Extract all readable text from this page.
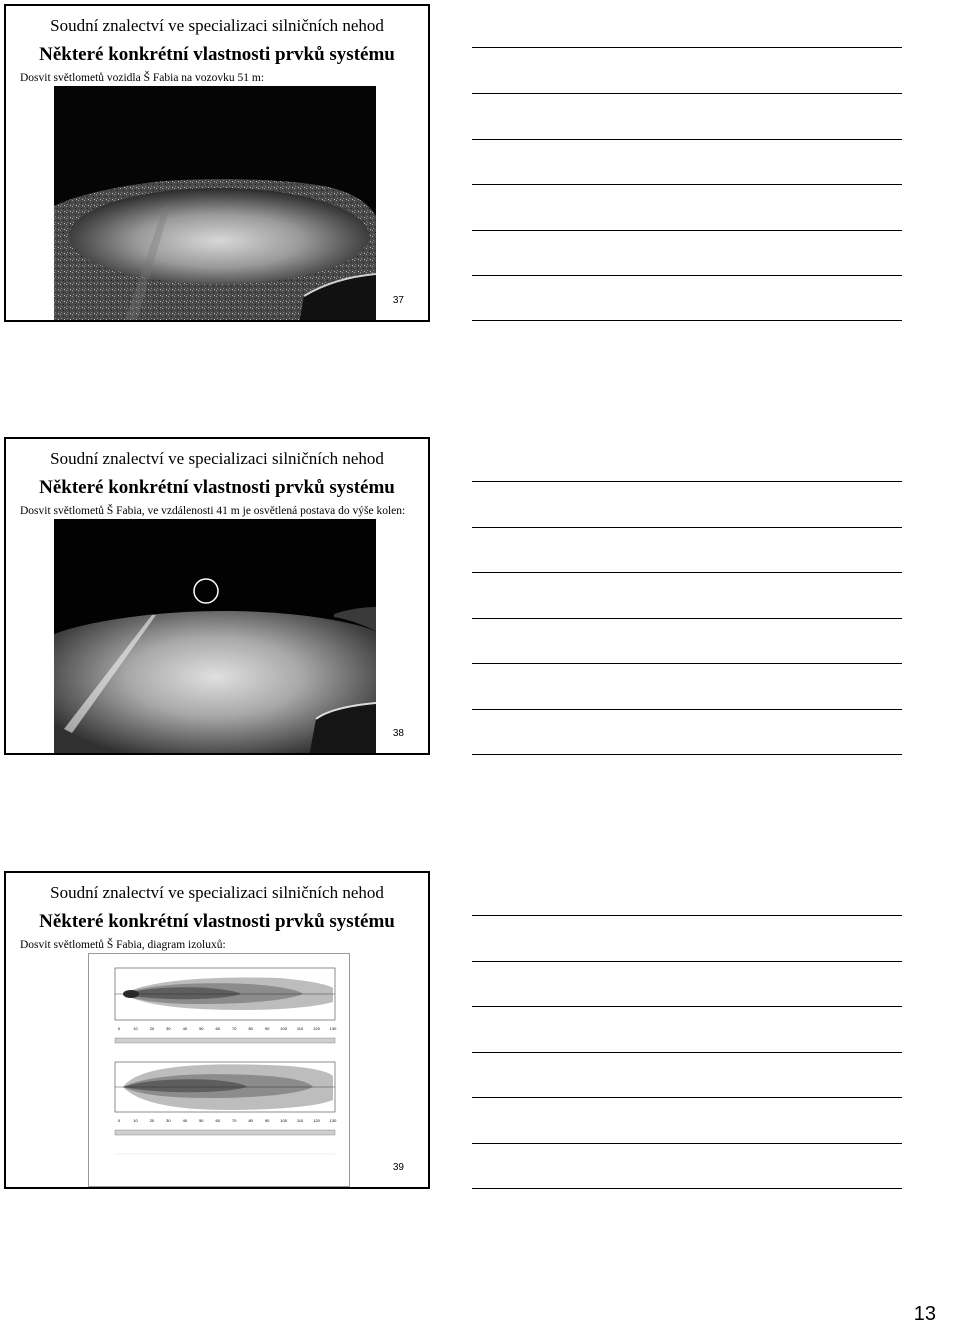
Soudní znalectví ve specializaci silničních nehod
Některé konkrétní vlastnosti prvků systému
Dosvit světlometů vozidla Š Fabia na vozovku 51 m:
37
Soudní znalectví ve specializaci silničních nehod
Některé konkrétní vlastnosti prvků systému
Dosvit světlometů Š Fabia, ve vzdálenosti 41 m je osvětlená postava do výše kolen:
38
Soudní znalectví ve specializaci silničních nehod
Některé konkrétní vlastnosti prvků systému
Dosvit světlometů Š Fabia, diagram izoluxů:
0	10	20	30	40	50	60	70	80	90	100 110 120 130
0	10	20	30	40	50	60	70	80	90	100 110 120 130
39
13
